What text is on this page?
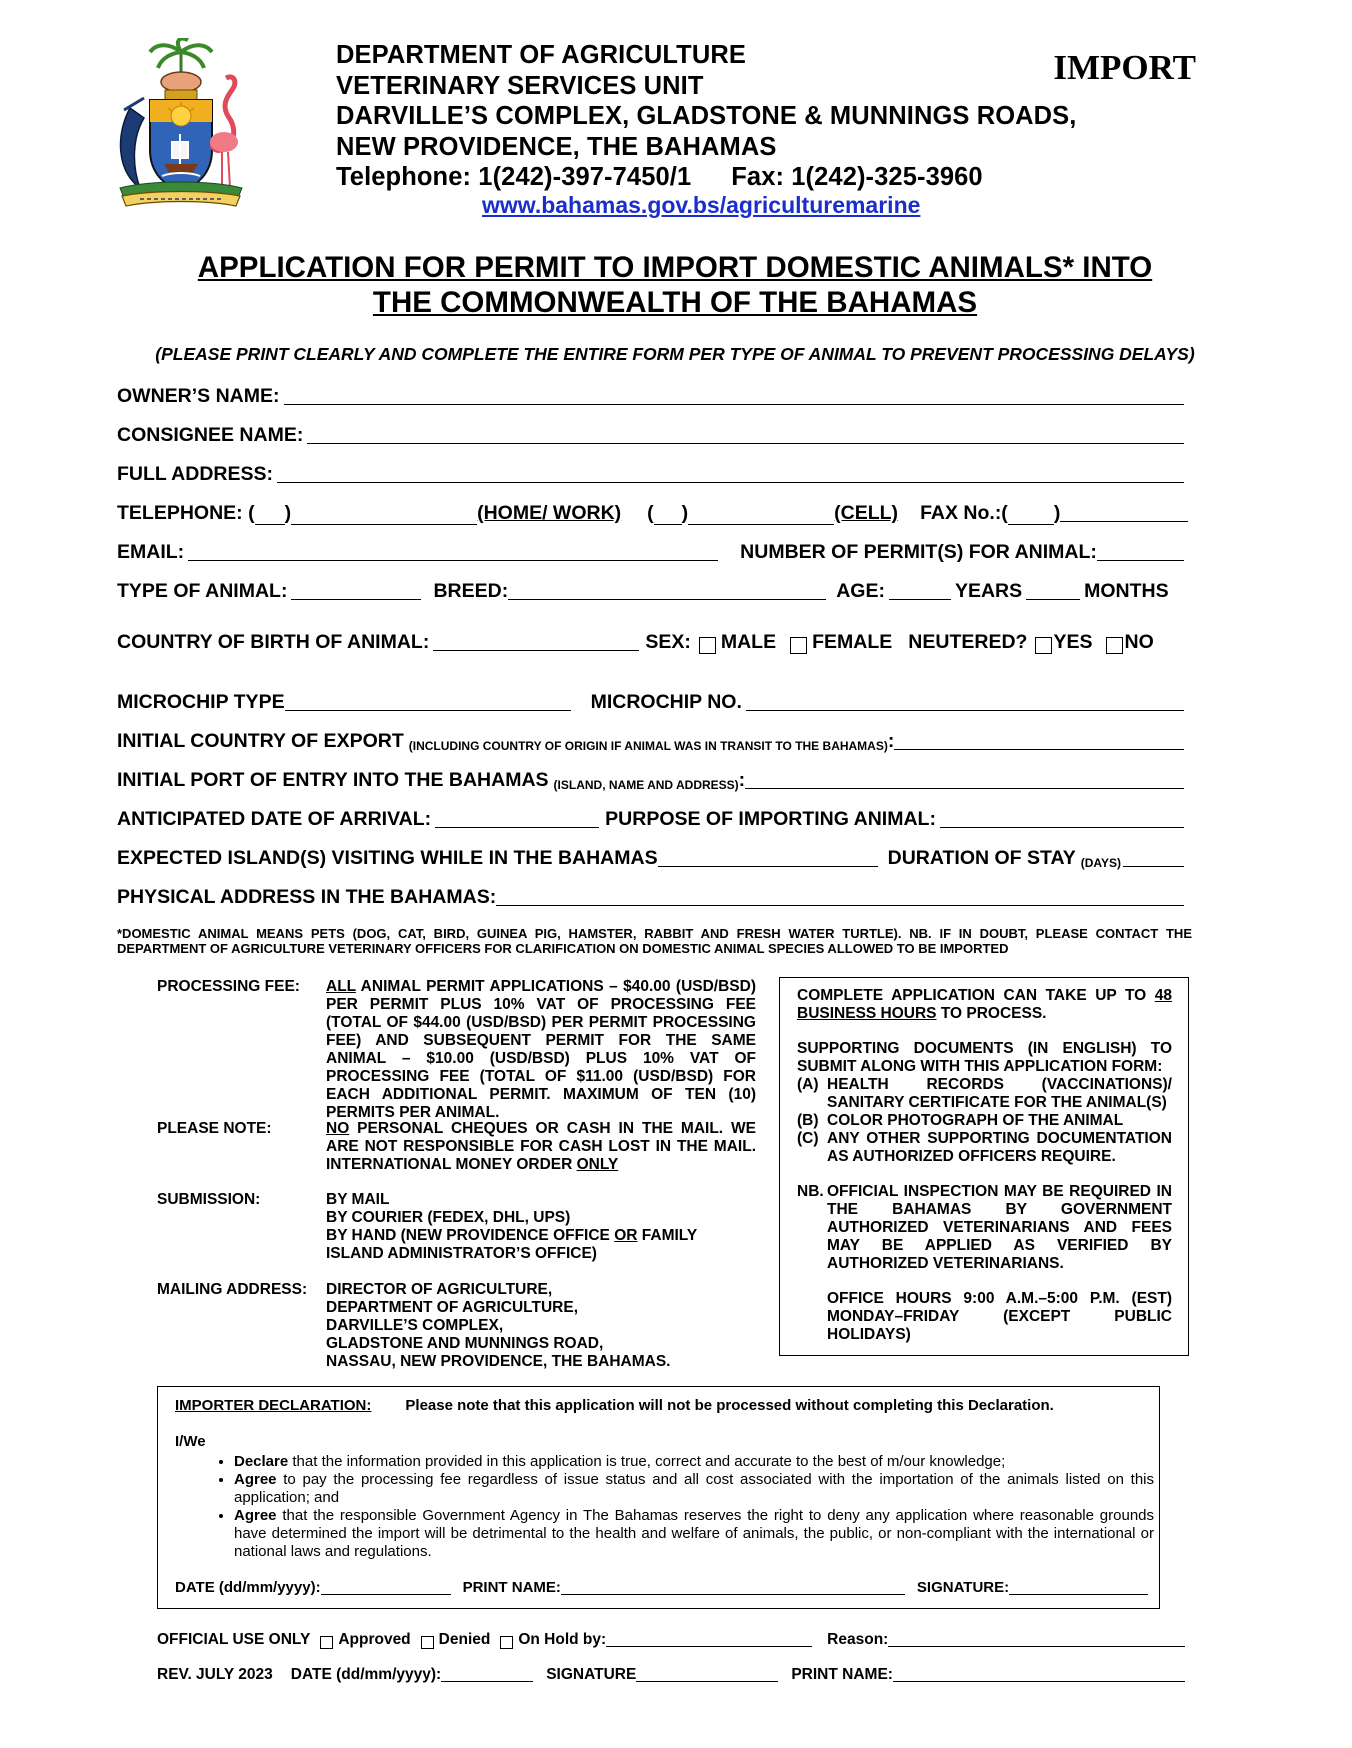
DEPARTMENT OF AGRICULTURE
VETERINARY SERVICES UNIT
DARVILLE’S COMPLEX, GLADSTONE & MUNNINGS ROADS,
NEW PROVIDENCE, THE BAHAMAS
Telephone: 1(242)-397-7450/1 Fax: 1(242)-325-3960
www.bahamas.gov.bs/agriculturemarine
IMPORT
APPLICATION FOR PERMIT TO IMPORT DOMESTIC ANIMALS* INTO
THE COMMONWEALTH OF THE BAHAMAS
(PLEASE PRINT CLEARLY AND COMPLETE THE ENTIRE FORM PER TYPE OF ANIMAL TO PREVENT PROCESSING DELAYS)
OWNER’S NAME:
CONSIGNEE NAME:
FULL ADDRESS:
TELEPHONE: ( )	(HOME/ WORK) ( )	(CELL) FAX No.:( )
EMAIL:	NUMBER OF PERMIT(S) FOR ANIMAL:
TYPE OF ANIMAL:	BREED:	AGE:	YEARS	MONTHS
COUNTRY OF BIRTH OF ANIMAL:	SEX: MALE FEMALE NEUTERED? YES NO
MICROCHIP TYPE	MICROCHIP NO.
INITIAL COUNTRY OF EXPORT (INCLUDING COUNTRY OF ORIGIN IF ANIMAL WAS IN TRANSIT TO THE BAHAMAS) :
INITIAL PORT OF ENTRY INTO THE BAHAMAS (ISLAND, NAME AND ADDRESS) :
ANTICIPATED DATE OF ARRIVAL:	PURPOSE OF IMPORTING ANIMAL:
EXPECTED ISLAND(S) VISITING WHILE IN THE BAHAMAS	DURATION OF STAY (DAYS)
PHYSICAL ADDRESS IN THE BAHAMAS:
*DOMESTIC ANIMAL MEANS PETS (DOG, CAT, BIRD, GUINEA PIG, HAMSTER, RABBIT AND FRESH WATER TURTLE). NB. IF IN DOUBT, PLEASE CONTACT THE DEPARTMENT OF AGRICULTURE VETERINARY OFFICERS FOR CLARIFICATION ON DOMESTIC ANIMAL SPECIES ALLOWED TO BE IMPORTED
PROCESSING FEE: ALL ANIMAL PERMIT APPLICATIONS – $40.00 (USD/BSD) PER PERMIT PLUS 10% VAT OF PROCESSING FEE (TOTAL OF $44.00 (USD/BSD) PER PERMIT PROCESSING FEE) AND SUBSEQUENT PERMIT FOR THE SAME ANIMAL – $10.00 (USD/BSD) PLUS 10% VAT OF PROCESSING FEE (TOTAL OF $11.00 (USD/BSD) FOR EACH ADDITIONAL PERMIT. MAXIMUM OF TEN (10) PERMITS PER ANIMAL.
PLEASE NOTE:	NO PERSONAL CHEQUES OR CASH IN THE MAIL. WE ARE NOT RESPONSIBLE FOR CASH LOST IN THE MAIL. INTERNATIONAL MONEY ORDER ONLY
SUBMISSION:	BY MAIL
BY COURIER (FEDEX, DHL, UPS)
BY HAND (NEW PROVIDENCE OFFICE OR FAMILY ISLAND ADMINISTRATOR’S OFFICE)
MAILING ADDRESS: DIRECTOR OF AGRICULTURE,
DEPARTMENT OF AGRICULTURE,
DARVILLE’S COMPLEX,
GLADSTONE AND MUNNINGS ROAD,
NASSAU, NEW PROVIDENCE, THE BAHAMAS.

COMPLETE APPLICATION CAN TAKE UP TO 48 BUSINESS HOURS TO PROCESS.

SUPPORTING DOCUMENTS (IN ENGLISH) TO SUBMIT ALONG WITH THIS APPLICATION FORM:

(A) HEALTH RECORDS (VACCINATIONS)/ SANITARY CERTIFICATE FOR THE ANIMAL(S)
(B) COLOR PHOTOGRAPH OF THE ANIMAL
(C) ANY OTHER SUPPORTING DOCUMENTATION AS AUTHORIZED OFFICERS REQUIRE.
NB. OFFICIAL INSPECTION MAY BE REQUIRED IN THE BAHAMAS BY GOVERNMENT AUTHORIZED VETERINARIANS AND FEES MAY BE APPLIED AS VERIFIED BY AUTHORIZED VETERINARIANS.

OFFICE HOURS 9:00 A.M.–5:00 P.M. (EST) MONDAY–FRIDAY (EXCEPT PUBLIC HOLIDAYS)

IMPORTER DECLARATION: Please note that this application will not be processed without completing this Declaration.
I/We
• Declare that the information provided in this application is true, correct and accurate to the best of m/our knowledge;
• Agree to pay the processing fee regardless of issue status and all cost associated with the importation of the animals listed on this application; and
• Agree that the responsible Government Agency in The Bahamas reserves the right to deny any application where reasonable grounds have determined the import will be detrimental to the health and welfare of animals, the public, or non-compliant with the international or national laws and regulations.
DATE (dd/mm/yyyy):	PRINT NAME:	SIGNATURE:
OFFICIAL USE ONLY Approved Denied On Hold by:	Reason:
REV. JULY 2023 DATE (dd/mm/yyyy):	SIGNATURE	PRINT NAME:
